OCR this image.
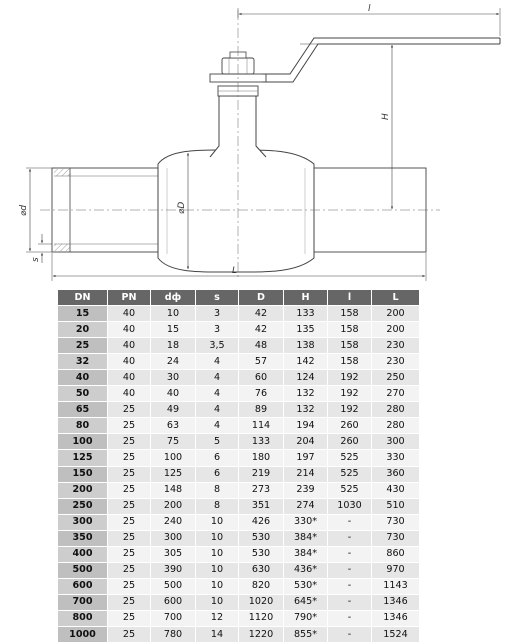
l
H
⌀d	⌀D
s
L
DN	PN	dф	s	D	H	l	L
15	40	10	3	42	133	158	200
20	40	15	3	42	135	158	200
25	40	18	3,5	48	138	158	230
32	40	24	4	57	142	158	230
40	40	30	4	60	124	192	250
50	40	40	4	76	132	192	270
65	25	49	4	89	132	192	280
80	25	63	4	114	194	260	280
100	25	75	5	133	204	260	300
125	25	100	6	180	197	525	330
150	25	125	6	219	214	525	360
200	25	148	8	273	239	525	430
250	25	200	8	351	274	1030	510
300	25	240	10	426	330*	-	730
350	25	300	10	530	384*	-	730
400	25	305	10	530	384*	-	860
500	25	390	10	630	436*	-	970
600	25	500	10	820	530*	-	1143
700	25	600	10	1020	645*	-	1346
800	25	700	12	1120	790*	-	1346
1000	25	780	14	1220	855*	-	1524
